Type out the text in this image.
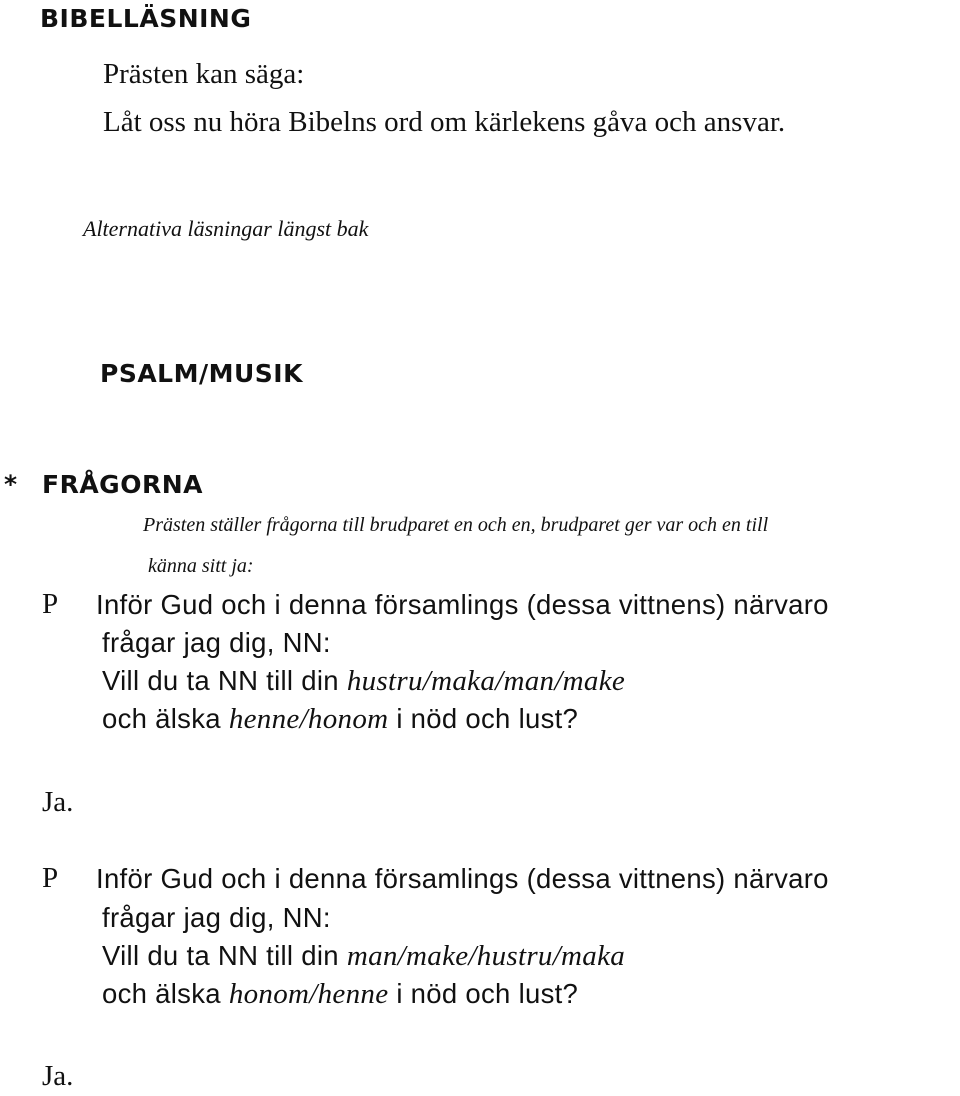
BIBELLÄSNING
Prästen kan säga:
Låt oss nu höra Bibelns ord om kärlekens gåva och ansvar.
Alternativa läsningar längst bak
PSALM/MUSIK
* FRÅGORNA
Prästen ställer frågorna till brudparet en och en, brudparet ger var och en till
känna sitt ja:
P Inför Gud och i denna församlings (dessa vittnens) närvaro
frågar jag dig, NN:
Vill du ta NN till din hustru/maka/man/make
och älska henne/honom i nöd och lust?
Ja.
P Inför Gud och i denna församlings (dessa vittnens) närvaro
frågar jag dig, NN:
Vill du ta NN till din man/make/hustru/maka
och älska honom/henne i nöd och lust?
Ja.
